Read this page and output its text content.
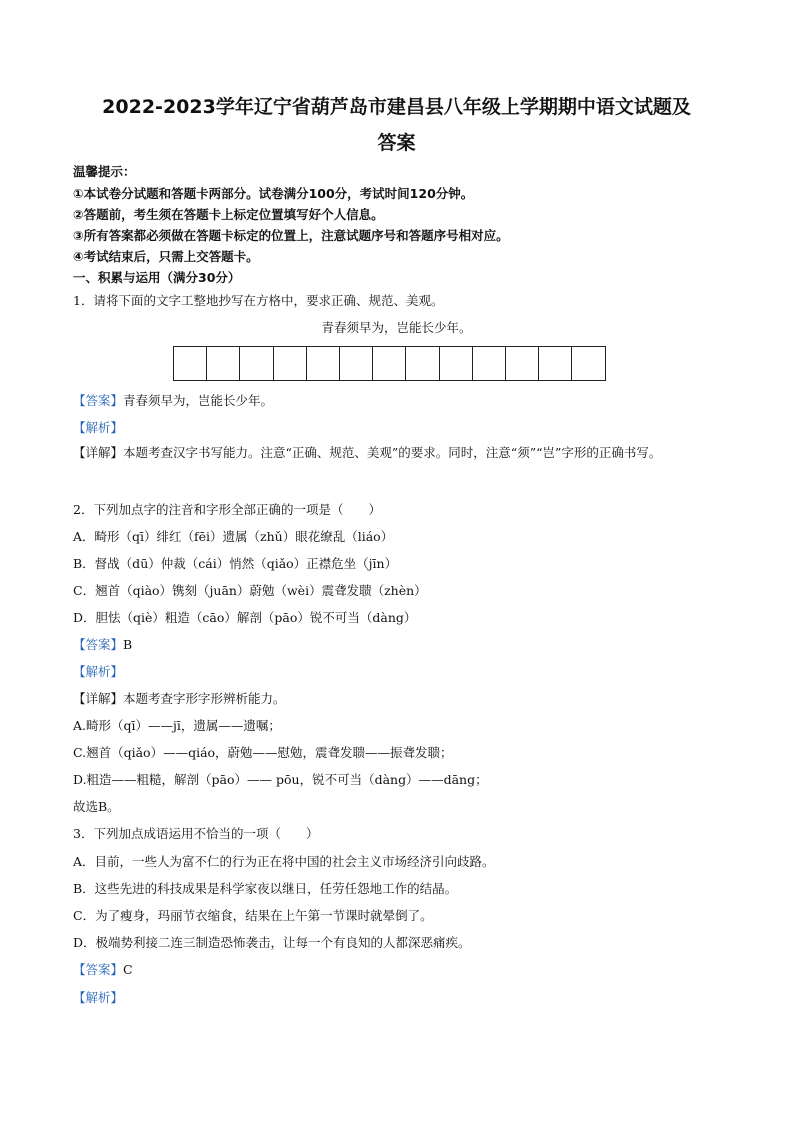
2022-2023学年辽宁省葫芦岛市建昌县八年级上学期期中语文试题及
答案
温馨提示：
①本试卷分试题和答题卡两部分。试卷满分100分，考试时间120分钟。
②答题前，考生须在答题卡上标定位置填写好个人信息。
③所有答案都必须做在答题卡标定的位置上，注意试题序号和答题序号相对应。
④考试结束后，只需上交答题卡。
一、积累与运用（满分30分）
1．请将下面的文字工整地抄写在方格中，要求正确、规范、美观。
青春须早为，岂能长少年。
【答案】青春须早为，岂能长少年。
【解析】
【详解】本题考查汉字书写能力。注意“正确、规范、美观”的要求。同时，注意“须”“岂”字形的正确书写。
2．下列加点字的注音和字形全部正确的一项是（　　）
A．畸形（qī）绯红（fēi）遗属（zhǔ）眼花缭乱（liáo）
B．督战（dū）仲裁（cái）悄然（qiǎo）正襟危坐（jīn）
C．翘首（qiào）镌刻（juān）蔚勉（wèi）震聋发聩（zhèn）
D．胆怯（qiè）粗造（cāo）解剖（pāo）锐不可当（dàng）
【答案】B
【解析】
【详解】本题考查字形字形辨析能力。
A.畸形（qī）——jī，遗属——遗嘱；
C.翘首（qiǎo）——qiáo，蔚勉——慰勉，震聋发聩——振聋发聩；
D.粗造——粗糙，解剖（pāo）—— pōu，锐不可当（dàng）——dāng；
故选B。
3．下列加点成语运用不恰当的一项（　　）
A．目前，一些人为富不仁的行为正在将中国的社会主义市场经济引向歧路。
B．这些先进的科技成果是科学家夜以继日，任劳任怨地工作的结晶。
C．为了瘦身，玛丽节衣缩食，结果在上午第一节课时就晕倒了。
D．极端势利接二连三制造恐怖袭击，让每一个有良知的人都深恶痛疾。
【答案】C
【解析】
